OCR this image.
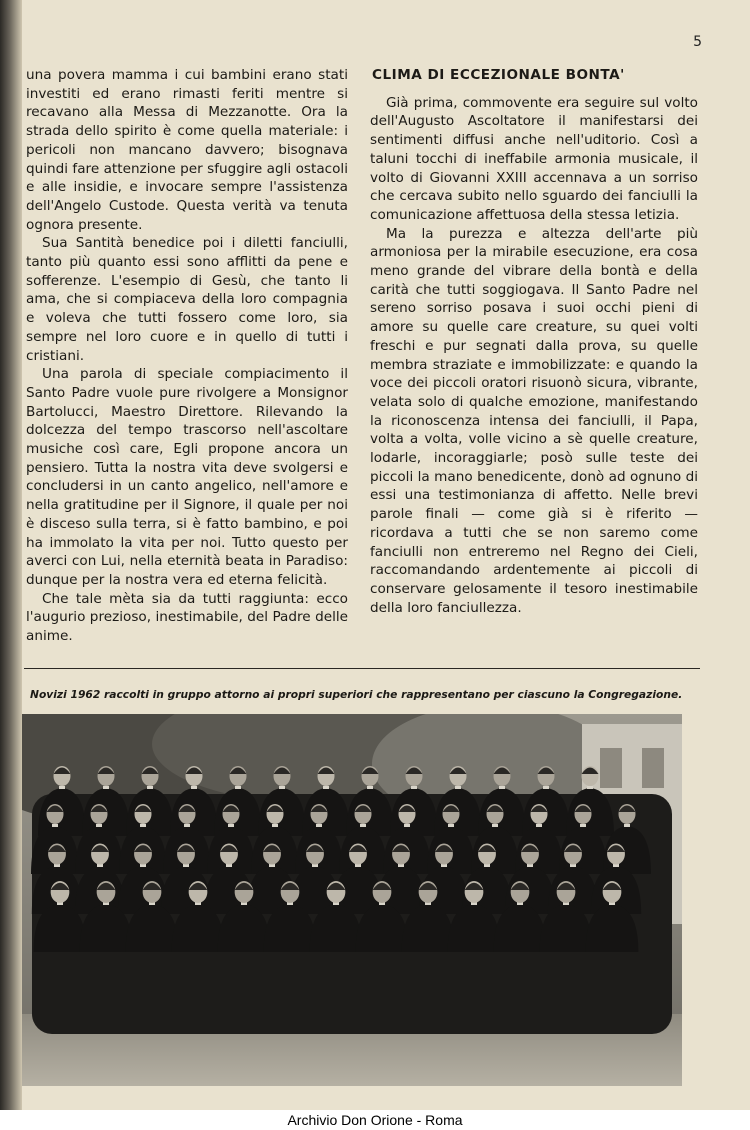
5

una povera mamma i cui bambini erano stati investiti ed erano rimasti feriti mentre si recavano alla Messa di Mezzanotte. Ora la strada dello spirito è come quella materiale: i pericoli non mancano davvero; bisognava quindi fare attenzione per sfuggire agli ostacoli e alle insidie, e invocare sempre l'assistenza dell'Angelo Custode. Questa verità va tenuta ognora presente.

Sua Santità benedice poi i diletti fanciulli, tanto più quanto essi sono afflitti da pene e sofferenze. L'esempio di Gesù, che tanto li ama, che si compiaceva della loro compagnia e voleva che tutti fossero come loro, sia sempre nel loro cuore e in quello di tutti i cristiani.

Una parola di speciale compiacimento il Santo Padre vuole pure rivolgere a Monsignor Bartolucci, Maestro Direttore. Rilevando la dolcezza del tempo trascorso nell'ascoltare musiche così care, Egli propone ancora un pensiero. Tutta la nostra vita deve svolgersi e concludersi in un canto angelico, nell'amore e nella gratitudine per il Signore, il quale per noi è disceso sulla terra, si è fatto bambino, e poi ha immolato la vita per noi. Tutto questo per averci con Lui, nella eternità beata in Paradiso: dunque per la nostra vera ed eterna felicità.

Che tale mèta sia da tutti raggiunta: ecco l'augurio prezioso, inestimabile, del Padre delle anime.

CLIMA DI ECCEZIONALE BONTA'

Già prima, commovente era seguire sul volto dell'Augusto Ascoltatore il manifestarsi dei sentimenti diffusi anche nell'uditorio. Così a taluni tocchi di ineffabile armonia musicale, il volto di Giovanni XXIII accennava a un sorriso che cercava subito nello sguardo dei fanciulli la comunicazione affettuosa della stessa letizia.

Ma la purezza e altezza dell'arte più armoniosa per la mirabile esecuzione, era cosa meno grande del vibrare della bontà e della carità che tutti soggiogava. Il Santo Padre nel sereno sorriso posava i suoi occhi pieni di amore su quelle care creature, su quei volti freschi e pur segnati dalla prova, su quelle membra straziate e immobilizzate: e quando la voce dei piccoli oratori risuonò sicura, vibrante, velata solo di qualche emozione, manifestando la riconoscenza intensa dei fanciulli, il Papa, volta a volta, volle vicino a sè quelle creature, lodarle, incoraggiarle; posò sulle teste dei piccoli la mano benedicente, donò ad ognuno di essi una testimonianza di affetto. Nelle brevi parole finali — come già si è riferito — ricordava a tutti che se non saremo come fanciulli non entreremo nel Regno dei Cieli, raccomandando ardentemente ai piccoli di conservare gelosamente il tesoro inestimabile della loro fanciullezza.

Novizi 1962 raccolti in gruppo attorno ai propri superiori che rappresentano per ciascuno la Congregazione.
Archivio Don Orione - Roma
